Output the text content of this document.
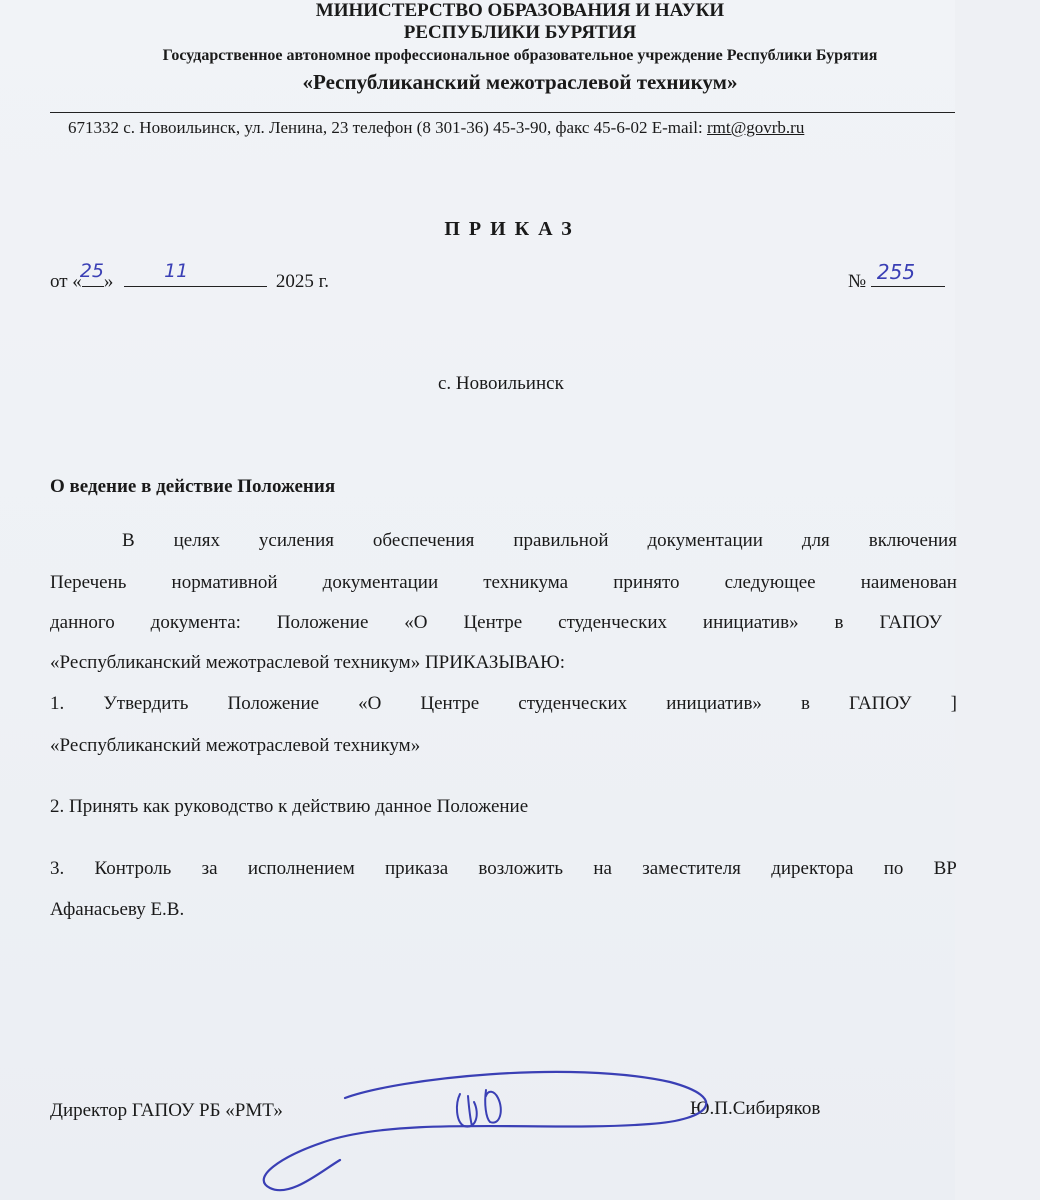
МИНИСТЕРСТВО ОБРАЗОВАНИЯ И НАУКИ
РЕСПУБЛИКИ БУРЯТИЯ
Государственное автономное профессиональное образовательное учреждение Республики Бурятия
«Республиканский межотраслевой техникум»
671332 с. Новоильинск, ул. Ленина, 23 телефон (8 301-36) 45-3-90, факс 45-6-02 E-mail: rmt@govrb.ru
ПРИКАЗ
от «
25 »	11	2025 г.	№ 255
с. Новоильинск
О ведение в действие Положения
В целях усиления обеспечения правильной документации для включения
Перечень нормативной документации техникума принято следующее наименован
данного документа: Положение «О Центре студенческих инициатив» в ГАПОУ
«Республиканский межотраслевой техникум» ПРИКАЗЫВАЮ:
1. Утвердить Положение «О Центре студенческих инициатив» в ГАПОУ ]
«Республиканский межотраслевой техникум»
2. Принять как руководство к действию данное Положение
3. Контроль за исполнением приказа возложить на заместителя директора по ВР
Афанасьеву Е.В.
Директор ГАПОУ РБ «РМТ»	Ю.П.Сибиряков
